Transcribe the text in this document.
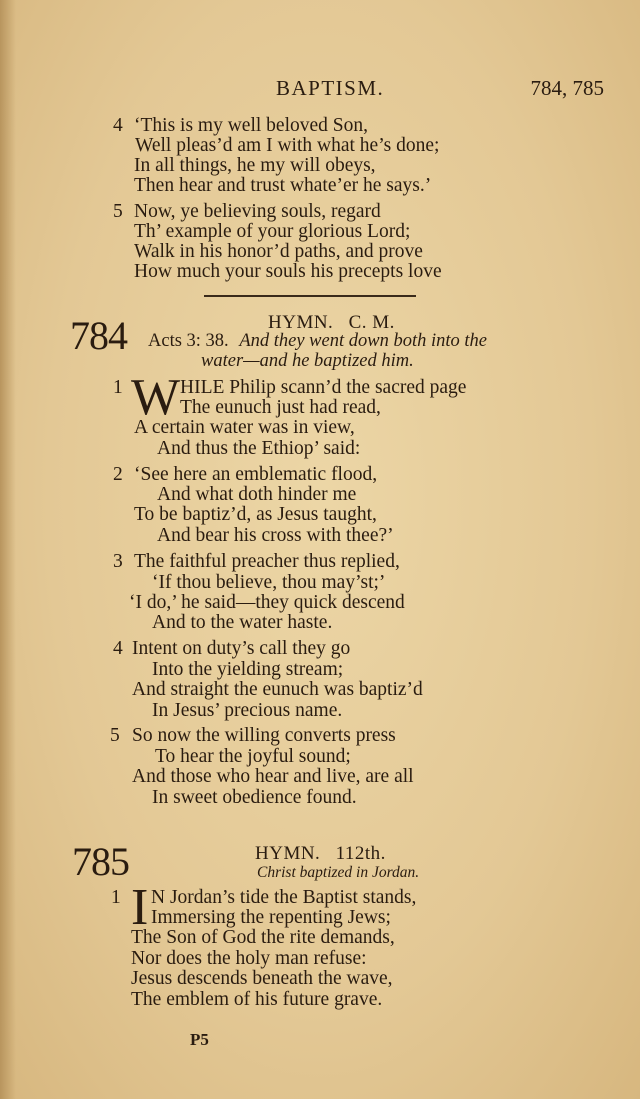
BAPTISM.	784, 785
4 ‘This is my well beloved Son,
Well pleas’d am I with what he’s done;
In all things, he my will obeys,
Then hear and trust whate’er he says.’
5 Now, ye believing souls, regard
Th’ example of your glorious Lord;
Walk in his honor’d paths, and prove
How much your souls his precepts love
784	HYMN. C. M.
Acts 3: 38. And they went down both into the
water—and he baptized him.
1 W HILE Philip scann’d the sacred page
The eunuch just had read,
A certain water was in view,
And thus the Ethiop’ said:
2 ‘See here an emblematic flood,
And what doth hinder me
To be baptiz’d, as Jesus taught,
And bear his cross with thee?’
3 The faithful preacher thus replied,
‘If thou believe, thou may’st;’
‘I do,’ he said—they quick descend
And to the water haste.
4 Intent on duty’s call they go
Into the yielding stream;
And straight the eunuch was baptiz’d
In Jesus’ precious name.
5 So now the willing converts press
To hear the joyful sound;
And those who hear and live, are all
In sweet obedience found.
785	HYMN. 112th.
Christ baptized in Jordan.
1 I N Jordan’s tide the Baptist stands,
Immersing the repenting Jews;
The Son of God the rite demands,
Nor does the holy man refuse:
Jesus descends beneath the wave,
The emblem of his future grave.
P5
